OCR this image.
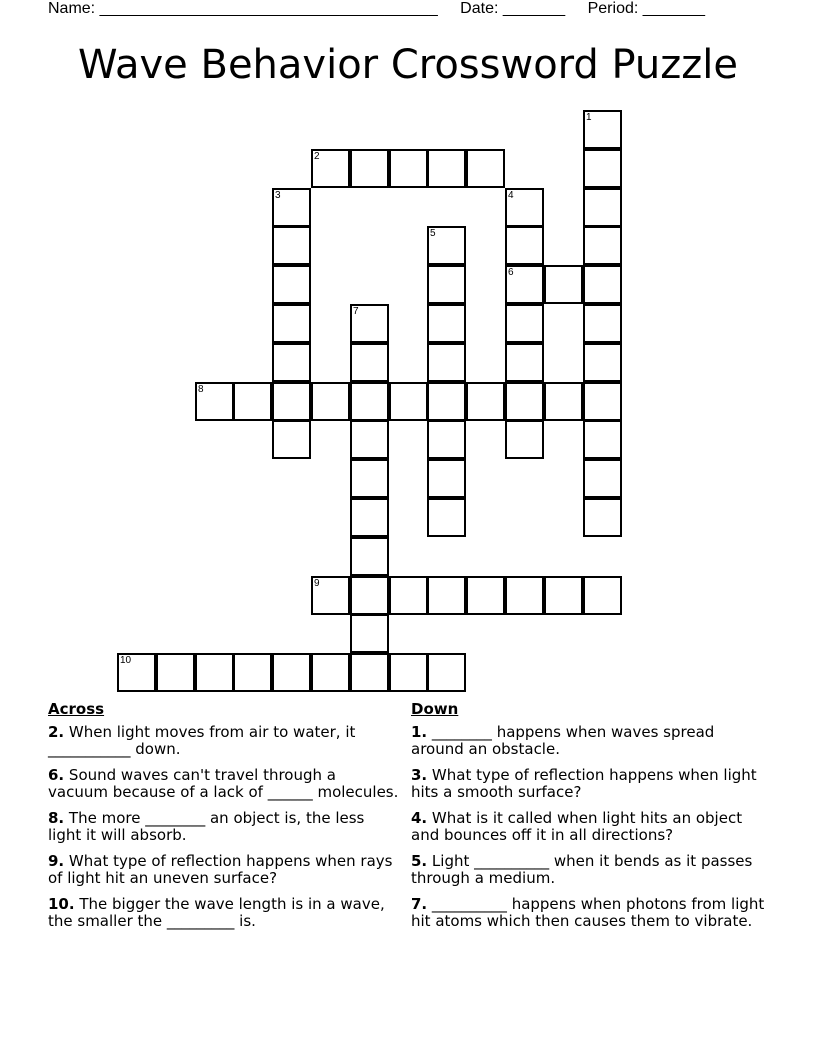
Name: ______________________________________ Date: _______ Period: _______
Wave Behavior Crossword Puzzle
1
2
3	4
6
5
7
8
9
10
Across
2. When light moves from air to water, it ___________ down.
6. Sound waves can't travel through a vacuum because of a lack of ______ molecules.
8. The more ________ an object is, the less light it will absorb.
9. What type of reflection happens when rays of light hit an uneven surface?
10. The bigger the wave length is in a wave, the smaller the _________ is.
Down
1. ________ happens when waves spread around an obstacle.
3. What type of reflection happens when light hits a smooth surface?
4. What is it called when light hits an object and bounces off it in all directions?
5. Light __________ when it bends as it passes through a medium.
7. __________ happens when photons from light hit atoms which then causes them to vibrate.
